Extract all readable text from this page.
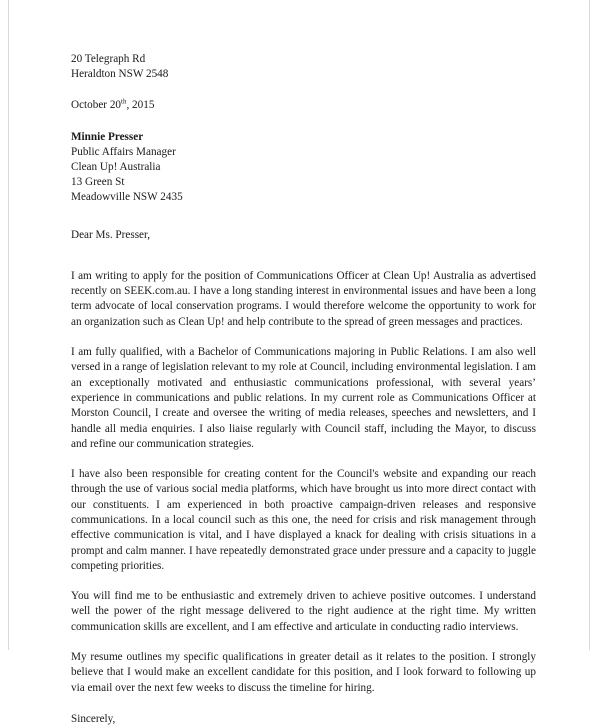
20 Telegraph Rd
Heraldton NSW 2548
October 20th, 2015
Minnie Presser
Public Affairs Manager
Clean Up! Australia
13 Green St
Meadowville NSW 2435
Dear Ms. Presser,

I am writing to apply for the position of Communications Officer at Clean Up! Australia as advertised recently on SEEK.com.au. I have a long standing interest in environmental issues and have been a long term advocate of local conservation programs. I would therefore welcome the opportunity to work for an organization such as Clean Up! and help contribute to the spread of green messages and practices.

I am fully qualified, with a Bachelor of Communications majoring in Public Relations. I am also well versed in a range of legislation relevant to my role at Council, including environmental legislation. I am an exceptionally motivated and enthusiastic communications professional, with several years’ experience in communications and public relations. In my current role as Communications Officer at Morston Council, I create and oversee the writing of media releases, speeches and newsletters, and I handle all media enquiries. I also liaise regularly with Council staff, including the Mayor, to discuss and refine our communication strategies.

I have also been responsible for creating content for the Council's website and expanding our reach through the use of various social media platforms, which have brought us into more direct contact with our constituents. I am experienced in both proactive campaign-driven releases and responsive communications. In a local council such as this one, the need for crisis and risk management through effective communication is vital, and I have displayed a knack for dealing with crisis situations in a prompt and calm manner. I have repeatedly demonstrated grace under pressure and a capacity to juggle competing priorities.

You will find me to be enthusiastic and extremely driven to achieve positive outcomes. I understand well the power of the right message delivered to the right audience at the right time. My written communication skills are excellent, and I am effective and articulate in conducting radio interviews.

My resume outlines my specific qualifications in greater detail as it relates to the position. I strongly believe that I would make an excellent candidate for this position, and I look forward to following up via email over the next few weeks to discuss the timeline for hiring.

Sincerely,
